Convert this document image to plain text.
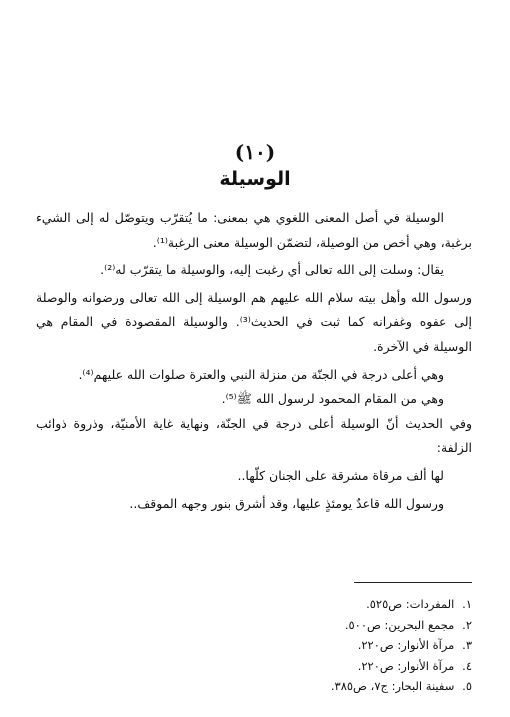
(١٠)
الوسيلة

الوسيلة في أصل المعنى اللغوي هي بمعنى: ما يُتقرّب ويتوصّل له إلى الشيء برغبة، وهي أخص من الوصيلة، لتضمّن الوسيلة معنى الرغبة⁽¹⁾.

يقال: وسلت إلى الله تعالى أي رغبت إليه، والوسيلة ما يتقرّب له⁽²⁾.

ورسول الله وأهل بيته سلام الله عليهم هم الوسيلة إلى الله تعالى ورضوانه والوصلة إلى عفوه وغفرانه كما ثبت في الحديث⁽³⁾. والوسيلة المقصودة في المقام هي الوسيلة في الآخرة.

وهي أعلى درجة في الجنّة من منزلة النبي والعترة صلوات الله عليهم⁽⁴⁾.

وهي من المقام المحمود لرسول الله ﷺ⁽⁵⁾.

وفي الحديث أنّ الوسيلة أعلى درجة في الجنّة، ونهاية غاية الأمنيّة، وذروة ذوائب الزلفة:

لها ألف مرقاة مشرقة على الجنان كلّها..

ورسول الله قاعدٌ يومئذٍ عليها، وقد أشرق بنور وجهه الموقف..

١. المفردات: ص٥٢٥.
٢. مجمع البحرين: ص٥٠٠.
٣. مرآة الأنوار: ص٢٢٠.
٤. مرآة الأنوار: ص٢٢٠.
٥. سفينة البحار: ج٧، ص٣٨٥.
